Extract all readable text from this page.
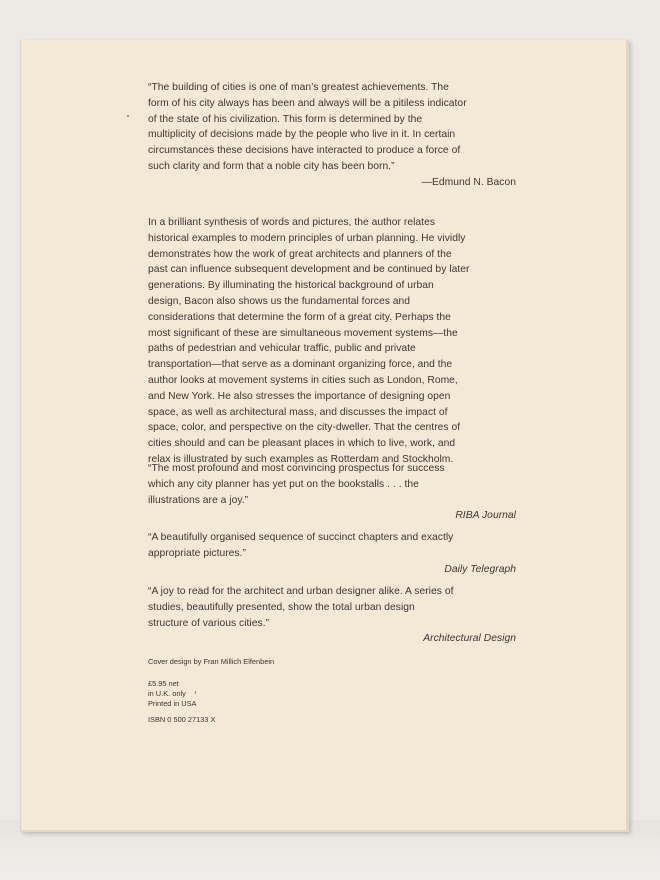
“The building of cities is one of man’s greatest achievements. The

form of his city always has been and always will be a pitiless indicator

of the state of his civilization. This form is determined by the

multiplicity of decisions made by the people who live in it. In certain

circumstances these decisions have interacted to produce a force of

such clarity and form that a noble city has been born.”

—Edmund N. Bacon

In a brilliant synthesis of words and pictures, the author relates

historical examples to modern principles of urban planning. He vividly

demonstrates how the work of great architects and planners of the

past can influence subsequent development and be continued by later

generations. By illuminating the historical background of urban

design, Bacon also shows us the fundamental forces and

considerations that determine the form of a great city. Perhaps the

most significant of these are simultaneous movement systems—the

paths of pedestrian and vehicular traffic, public and private

transportation—that serve as a dominant organizing force, and the

author looks at movement systems in cities such as London, Rome,

and New York. He also stresses the importance of designing open

space, as well as architectural mass, and discusses the impact of

space, color, and perspective on the city-dweller. That the centres of

cities should and can be pleasant places in which to live, work, and

relax is illustrated by such examples as Rotterdam and Stockholm.

“The most profound and most convincing prospectus for success

which any city planner has yet put on the bookstalls . . . the

illustrations are a joy.”

RIBA Journal

“A beautifully organised sequence of succinct chapters and exactly

appropriate pictures.”

Daily Telegraph

“A joy to read for the architect and urban designer alike. A series of

studies, beautifully presented, show the total urban design

structure of various cities.”

Architectural Design

Cover design by Fran Millich Elfenbein
£5.95 net
in U.K. only
Printed in USA
ISBN 0 500 27133 X
